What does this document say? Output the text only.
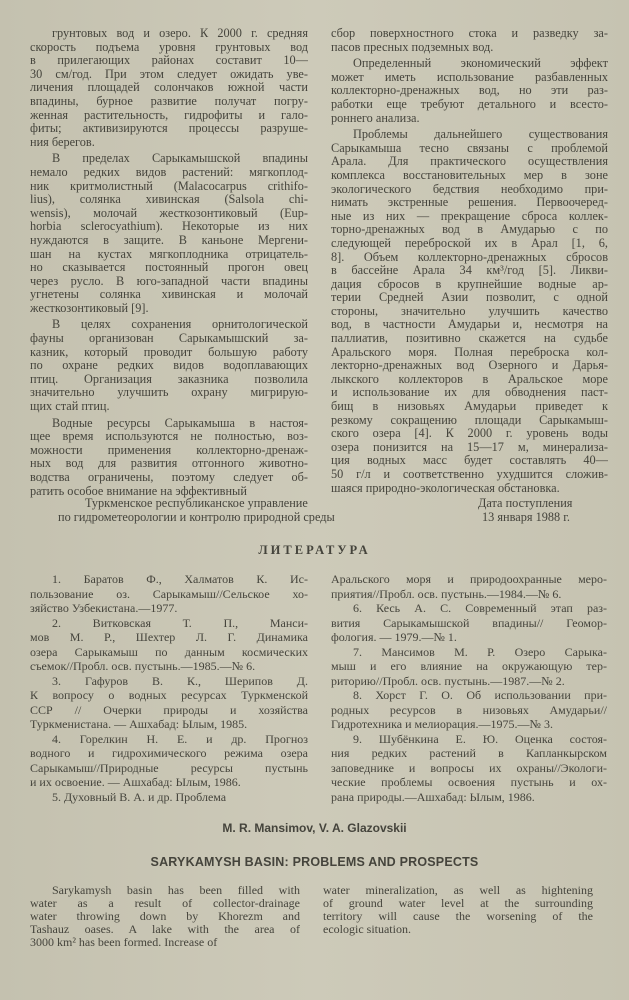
грунтовых вод и озеро. К 2000 г. средняя
скорость подъема уровня грунтовых вод
в прилегающих районах составит 10—
30 см/год. При этом следует ожидать уве-
личения площадей солончаков южной части
впадины, бурное развитие получат погру-
женная растительность, гидрофиты и гало-
фиты; активизируются процессы разруше-
ния берегов.
В пределах Сарыкамышской впадины
немало редких видов растений: мягкоплод-
ник критмолистный (Malacocarpus crithifo-
lius), солянка хивинская (Salsola chi-
wensis), молочай жесткозонтиковый (Eup-
horbia sclerocyathium). Некоторые из них
нуждаются в защите. В каньоне Мергени-
шан на кустах мягкоплодника отрицатель-
но сказывается постоянный прогон овец
через русло. В юго-западной части впадины
угнетены солянка хивинская и молочай
жесткозонтиковый [9].
В целях сохранения орнитологической
фауны организован Сарыкамышский за-
казник, который проводит большую работу
по охране редких видов водоплавающих
птиц. Организация заказника позволила
значительно улучшить охрану мигрирую-
щих стай птиц.
Водные ресурсы Сарыкамыша в настоя-
щее время используются не полностью, воз-
можности применения коллекторно-дренаж-
ных вод для развития отгонного животно-
водства ограничены, поэтому следует об-
ратить особое внимание на эффективный
сбор поверхностного стока и разведку за-
пасов пресных подземных вод.
Определенный экономический эффект
может иметь использование разбавленных
коллекторно-дренажных вод, но эти раз-
работки еще требуют детального и всесто-
роннего анализа.
Проблемы дальнейшего существования
Сарыкамыша тесно связаны с проблемой
Арала. Для практического осуществления
комплекса восстановительных мер в зоне
экологического бедствия необходимо при-
нимать экстренные решения. Первоочеред-
ные из них — прекращение сброса коллек-
торно-дренажных вод в Амударью с по
следующей переброской их в Арал [1, 6,
8]. Объем коллекторно-дренажных сбросов
в бассейне Арала 34 км³/год [5]. Ликви-
дация сбросов в крупнейшие водные ар-
терии Средней Азии позволит, с одной
стороны, значительно улучшить качество
вод, в частности Амударьи и, несмотря на
паллиатив, позитивно скажется на судьбе
Аральского моря. Полная переброска кол-
лекторно-дренажных вод Озерного и Дарья-
лыкского коллекторов в Аральское море
и использование их для обводнения паст-
бищ в низовьях Амударьи приведет к
резкому сокращению площади Сарыкамыш-
ского озера [4]. К 2000 г. уровень воды
озера понизится на 15—17 м, минерализа-
ция водных масс будет составлять 40—
50 г/л и соответственно ухудшится сложив-
шаяся природно-экологическая обстановка.
Туркменское республиканское управление
по гидрометеорологии и контролю природной среды
Дата поступления
13 января 1988 г.
ЛИТЕРАТУРА
1. Баратов Ф., Халматов К. Ис-
пользование оз. Сарыкамыш//Сельское хо-
зяйство Узбекистана.—1977.
2. Витковская Т. П., Манси-
мов М. Р., Шехтер Л. Г. Динамика
озера Сарыкамыш по данным космических
съемок//Пробл. осв. пустынь.—1985.—№ 6.
3. Гафуров В. К., Шерипов Д.
К вопросу о водных ресурсах Туркменской
ССР // Очерки природы и хозяйства
Туркменистана. — Ашхабад: Ылым, 1985.
4. Горелкин Н. Е. и др. Прогноз
водного и гидрохимического режима озера
Сарыкамыш//Природные ресурсы пустынь
и их освоение. — Ашхабад: Ылым, 1986.
5. Духовный В. А. и др. Проблема
Аральского моря и природоохранные меро-
приятия//Пробл. осв. пустынь.—1984.—№ 6.
6. Кесь А. С. Современный этап раз-
вития Сарыкамышской впадины// Геомор-
фология. — 1979.—№ 1.
7. Мансимов М. Р. Озеро Сарыка-
мыш и его влияние на окружающую тер-
риторию//Пробл. осв. пустынь.—1987.—№ 2.
8. Хорст Г. О. Об использовании при-
родных ресурсов в низовьях Амударьи//
Гидротехника и мелиорация.—1975.—№ 3.
9. Шубёнкина Е. Ю. Оценка состоя-
ния редких растений в Капланкырском
заповеднике и вопросы их охраны//Экологи-
ческие проблемы освоения пустынь и ох-
рана природы.—Ашхабад: Ылым, 1986.
M. R. Mansimov, V. A. Glazovskii
SARYKAMYSH BASIN: PROBLEMS AND PROSPECTS
Sarykamysh basin has been filled with
water as a result of collector-drainage
water throwing down by Khorezm and
Tashauz oases. A lake with the area of
3000 km² has been formed. Increase of
water mineralization, as well as hightening
of ground water level at the surrounding
territory will cause the worsening of the
ecologic situation.
